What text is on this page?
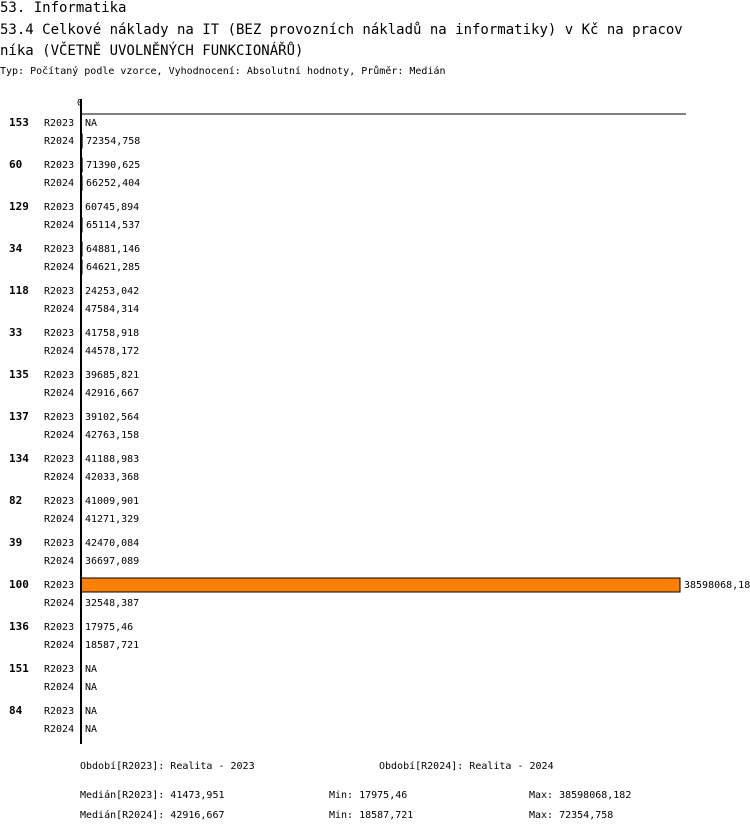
53. Informatika
53.4 Celkové náklady na IT (BEZ provozních nákladů na informatiky) v Kč na pracov
níka (VČETNĚ UVOLNĚNÝCH FUNKCIONÁŘŮ)
Typ: Počítaný podle vzorce, Vyhodnocení: Absolutní hodnoty, Průměr: Medián
0
153 R2023 NA
R2024 72354,758
60 R2023 71390,625
R2024 66252,404
129 R2023 60745,894
R2024 65114,537
34 R2023 64881,146
R2024 64621,285
118 R2023 24253,042
R2024 47584,314
33 R2023 41758,918
R2024 44578,172
135 R2023 39685,821
R2024 42916,667
137 R2023 39102,564
R2024 42763,158
134 R2023 41188,983
R2024 42033,368
82 R2023 41009,901
R2024 41271,329
39 R2023 42470,084
R2024 36697,089
100 R2023	38598068,18
R2024 32548,387
136 R2023 17975,46
R2024 18587,721
151 R2023 NA
R2024 NA
84 R2023 NA
R2024 NA
Období[R2023]: Realita - 2023	Období[R2024]: Realita - 2024
Medián[R2023]: 41473,951	Min: 17975,46	Max: 38598068,182
Medián[R2024]: 42916,667	Min: 18587,721	Max: 72354,758
